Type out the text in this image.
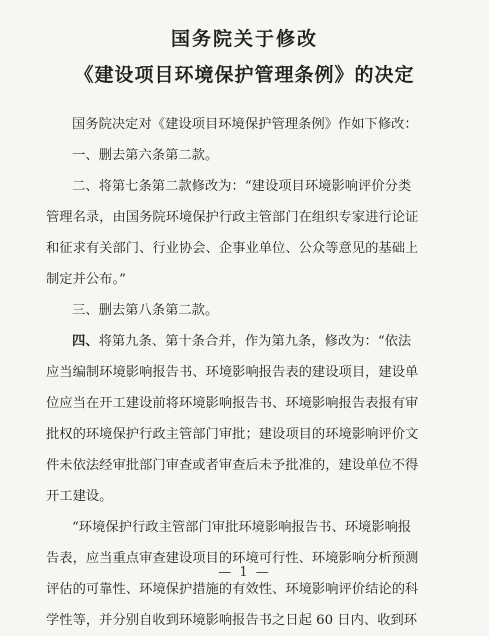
国务院关于修改
《建设项目环境保护管理条例》的决定
国务院决定对《建设项目环境保护管理条例》作如下修改：
一、删去第六条第二款。
二、将第七条第二款修改为：“建设项目环境影响评价分类
管理名录，由国务院环境保护行政主管部门在组织专家进行论证
和征求有关部门、行业协会、企事业单位、公众等意见的基础上
制定并公布。”
三、删去第八条第二款。
四、将第九条、第十条合并，作为第九条，修改为：“依法
应当编制环境影响报告书、环境影响报告表的建设项目，建设单
位应当在开工建设前将环境影响报告书、环境影响报告表报有审
批权的环境保护行政主管部门审批；建设项目的环境影响评价文
件未依法经审批部门审查或者审查后未予批准的，建设单位不得
开工建设。
“环境保护行政主管部门审批环境影响报告书、环境影响报
告表，应当重点审查建设项目的环境可行性、环境影响分析预测
评估的可靠性、环境保护措施的有效性、环境影响评价结论的科
学性等，并分别自收到环境影响报告书之日起 60 日内、收到环
— 1 —
